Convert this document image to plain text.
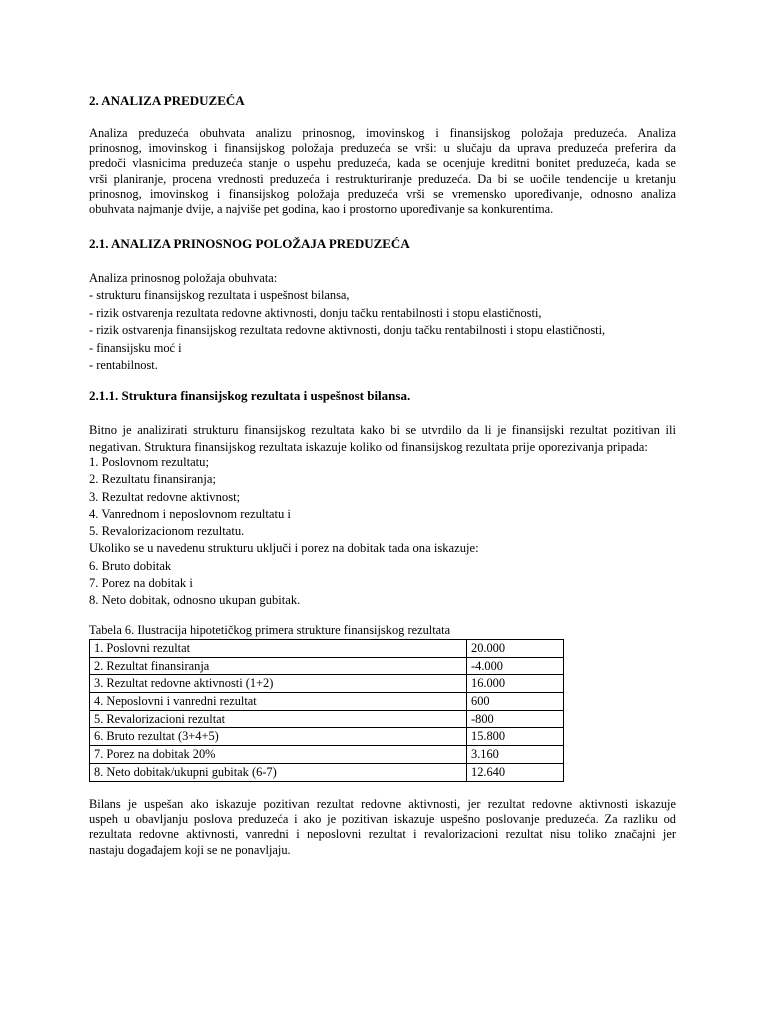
2. ANALIZA PREDUZEĆA
Analiza preduzeća obuhvata analizu prinosnog, imovinskog i finansijskog položaja preduzeća. Analiza
prinosnog, imovinskog i finansijskog položaja preduzeća se vrši: u slučaju da uprava preduzeća preferira da
predoči vlasnicima preduzeća stanje o uspehu preduzeća, kada se ocenjuje kreditni bonitet preduzeća, kada se
vrši planiranje, procena vrednosti preduzeća i restrukturiranje preduzeća. Da bi se uočile tendencije u kretanju
prinosnog, imovinskog i finansijskog položaja preduzeća vrši se vremensko upoređivanje, odnosno analiza
obuhvata najmanje dvije, a najviše pet godina, kao i prostorno upoređivanje sa konkurentima.
2.1. ANALIZA PRINOSNOG POLOŽAJA PREDUZEĆA
Analiza prinosnog položaja obuhvata:
- strukturu finansijskog rezultata i uspešnost bilansa,
- rizik ostvarenja rezultata redovne aktivnosti, donju tačku rentabilnosti i stopu elastičnosti,
- rizik ostvarenja finansijskog rezultata redovne aktivnosti, donju tačku rentabilnosti i stopu elastičnosti,
- finansijsku moć i
- rentabilnost.
2.1.1. Struktura finansijskog rezultata i uspešnost bilansa.
Bitno je analizirati strukturu finansijskog rezultata kako bi se utvrdilo da li je finansijski rezultat pozitivan ili
negativan. Struktura finansijskog rezultata iskazuje koliko od finansijskog rezultata prije oporezivanja pripada:
1. Poslovnom rezultatu;
2. Rezultatu finansiranja;
3. Rezultat redovne aktivnost;
4. Vanrednom i neposlovnom rezultatu i
5. Revalorizacionom rezultatu.
Ukoliko se u navedenu strukturu uključi i porez na dobitak tada ona iskazuje:
6. Bruto dobitak
7. Porez na dobitak i
8. Neto dobitak, odnosno ukupan gubitak.
Tabela 6. Ilustracija hipotetičkog primera strukture finansijskog rezultata
1. Poslovni rezultat	20.000
2. Rezultat finansiranja	-4.000
3. Rezultat redovne aktivnosti (1+2)	16.000
4. Neposlovni i vanredni rezultat	600
5. Revalorizacioni rezultat	-800
6. Bruto rezultat (3+4+5)	15.800
7. Porez na dobitak 20%	3.160
8. Neto dobitak/ukupni gubitak (6-7)	12.640
Bilans je uspešan ako iskazuje pozitivan rezultat redovne aktivnosti, jer rezultat redovne aktivnosti iskazuje
uspeh u obavljanju poslova preduzeća i ako je pozitivan iskazuje uspešno poslovanje preduzeća. Za razliku od
rezultata redovne aktivnosti, vanredni i neposlovni rezultat i revalorizacioni rezultat nisu toliko značajni jer
nastaju događajem koji se ne ponavljaju.
